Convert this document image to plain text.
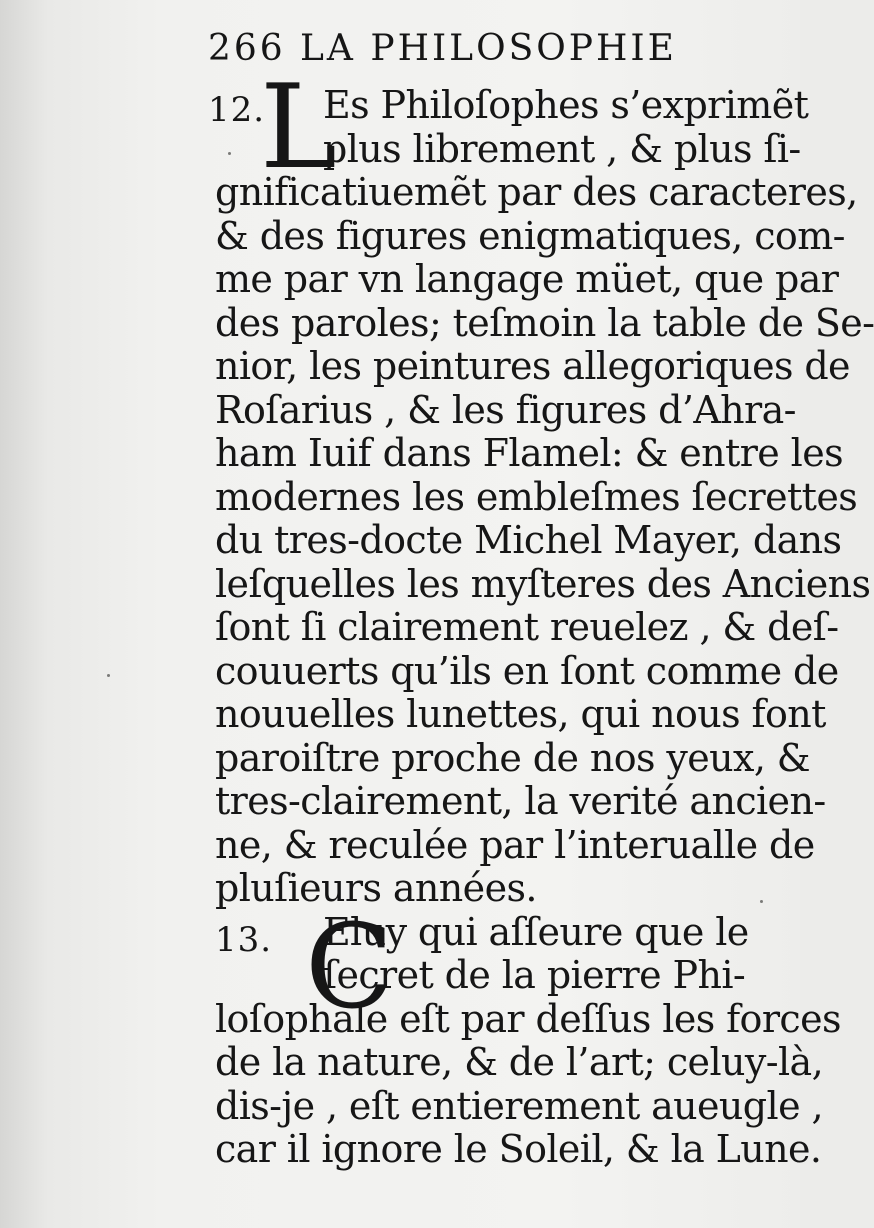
266 LA PHILOSOPHIE
12.
L
Es Philoſophes s’exprimẽt
plus librement , & plus ſi-
gnificatiuemẽt par des caracteres,
& des figures enigmatiques, com-
me par vn langage müet, que par
des paroles; teſmoin la table de Se-
nior, les peintures allegoriques de
Roſarius , & les figures d’Ahra-
ham Iuif dans Flamel: & entre les
modernes les embleſmes ſecrettes
du tres-docte Michel Mayer, dans
leſquelles les myſteres des Anciens
ſont ſi clairement reuelez , & deſ-
couuerts qu’ils en ſont comme de
nouuelles lunettes, qui nous font
paroiſtre proche de nos yeux, &
tres-clairement, la verité ancien-
ne, & reculée par l’interualle de
pluſieurs années.
Eluy qui aſſeure que le
ſecret de la pierre Phi-
loſophale eſt par deſſus les forces
de la nature, & de l’art; celuy-là,
dis-je , eſt entierement aueugle ,
car il ignore le Soleil, & la Lune.
13. C
